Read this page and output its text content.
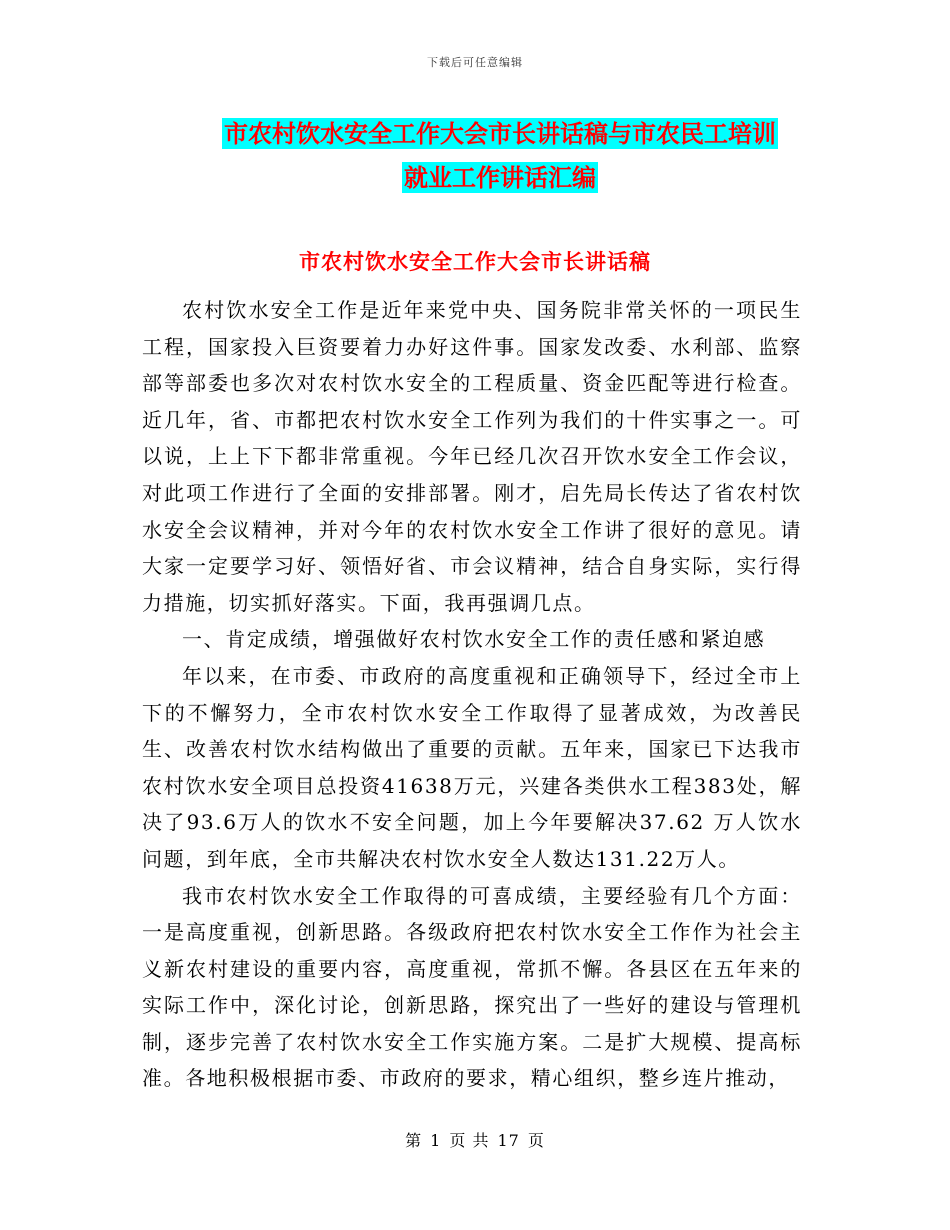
下载后可任意编辑
市农村饮水安全工作大会市长讲话稿与市农民工培训
就业工作讲话汇编
市农村饮水安全工作大会市长讲话稿

农村饮水安全工作是近年来党中央、国务院非常关怀的一项民生工程，国家投入巨资要着力办好这件事。国家发改委、水利部、监察部等部委也多次对农村饮水安全的工程质量、资金匹配等进行检查。近几年，省、市都把农村饮水安全工作列为我们的十件实事之一。可以说，上上下下都非常重视。今年已经几次召开饮水安全工作会议，对此项工作进行了全面的安排部署。刚才，启先局长传达了省农村饮水安全会议精神，并对今年的农村饮水安全工作讲了很好的意见。请大家一定要学习好、领悟好省、市会议精神，结合自身实际，实行得力措施，切实抓好落实。下面，我再强调几点。

一、肯定成绩，增强做好农村饮水安全工作的责任感和紧迫感

年以来，在市委、市政府的高度重视和正确领导下，经过全市上下的不懈努力，全市农村饮水安全工作取得了显著成效，为改善民生、改善农村饮水结构做出了重要的贡献。五年来，国家已下达我市农村饮水安全项目总投资41638万元，兴建各类供水工程383处，解决了93.6万人的饮水不安全问题，加上今年要解决37.62 万人饮水问题，到年底，全市共解决农村饮水安全人数达131.22万人。

我市农村饮水安全工作取得的可喜成绩，主要经验有几个方面：一是高度重视，创新思路。各级政府把农村饮水安全工作作为社会主义新农村建设的重要内容，高度重视，常抓不懈。各县区在五年来的实际工作中，深化讨论，创新思路，探究出了一些好的建设与管理机制，逐步完善了农村饮水安全工作实施方案。二是扩大规模、提高标准。各地积极根据市委、市政府的要求，精心组织，整乡连片推动，

第 1 页 共 17 页
